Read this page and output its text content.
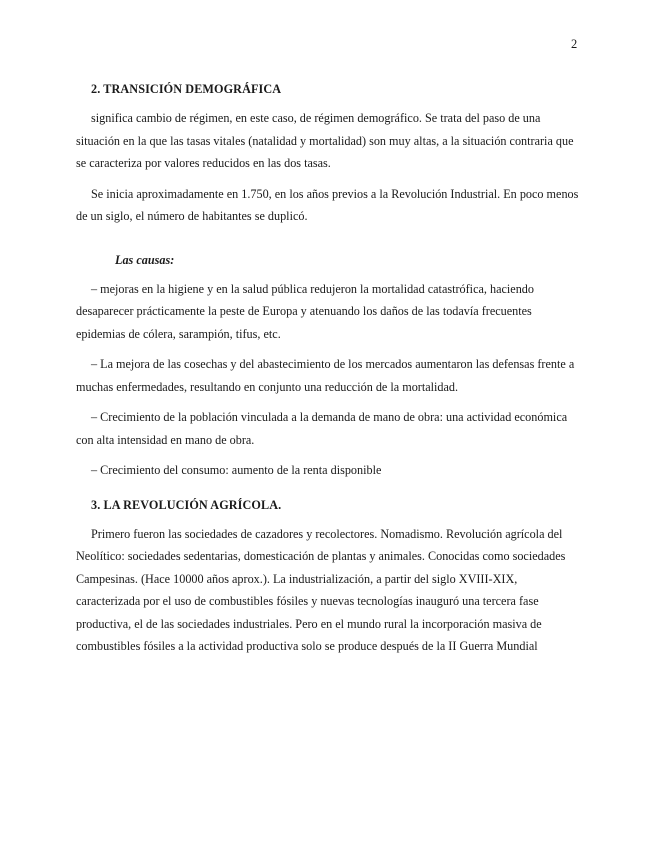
2
2. TRANSICIÓN DEMOGRÁFICA

significa cambio de régimen, en este caso, de régimen demográfico. Se trata del paso de una situación en la que las tasas vitales (natalidad y mortalidad) son muy altas, a la situación contraria que se caracteriza por valores reducidos en las dos tasas.

Se inicia aproximadamente en 1.750, en los años previos a la Revolución Industrial. En poco menos de un siglo, el número de habitantes se duplicó.

Las causas:

– mejoras en la higiene y en la salud pública redujeron la mortalidad catastrófica, haciendo desaparecer prácticamente la peste de Europa y atenuando los daños de las todavía frecuentes epidemias de cólera, sarampión, tifus, etc.

– La mejora de las cosechas y del abastecimiento de los mercados aumentaron las defensas frente a muchas enfermedades, resultando en conjunto una reducción de la mortalidad.

– Crecimiento de la población vinculada a la demanda de mano de obra: una actividad económica con alta intensidad en mano de obra.

– Crecimiento del consumo: aumento de la renta disponible

3. LA REVOLUCIÓN AGRÍCOLA.

Primero fueron las sociedades de cazadores y recolectores. Nomadismo. Revolución agrícola del Neolítico: sociedades sedentarias, domesticación de plantas y animales. Conocidas como sociedades Campesinas. (Hace 10000 años aprox.). La industrialización, a partir del siglo XVIII-XIX, caracterizada por el uso de combustibles fósiles y nuevas tecnologías inauguró una tercera fase productiva, el de las sociedades industriales. Pero en el mundo rural la incorporación masiva de combustibles fósiles a la actividad productiva solo se produce después de la II Guerra Mundial
